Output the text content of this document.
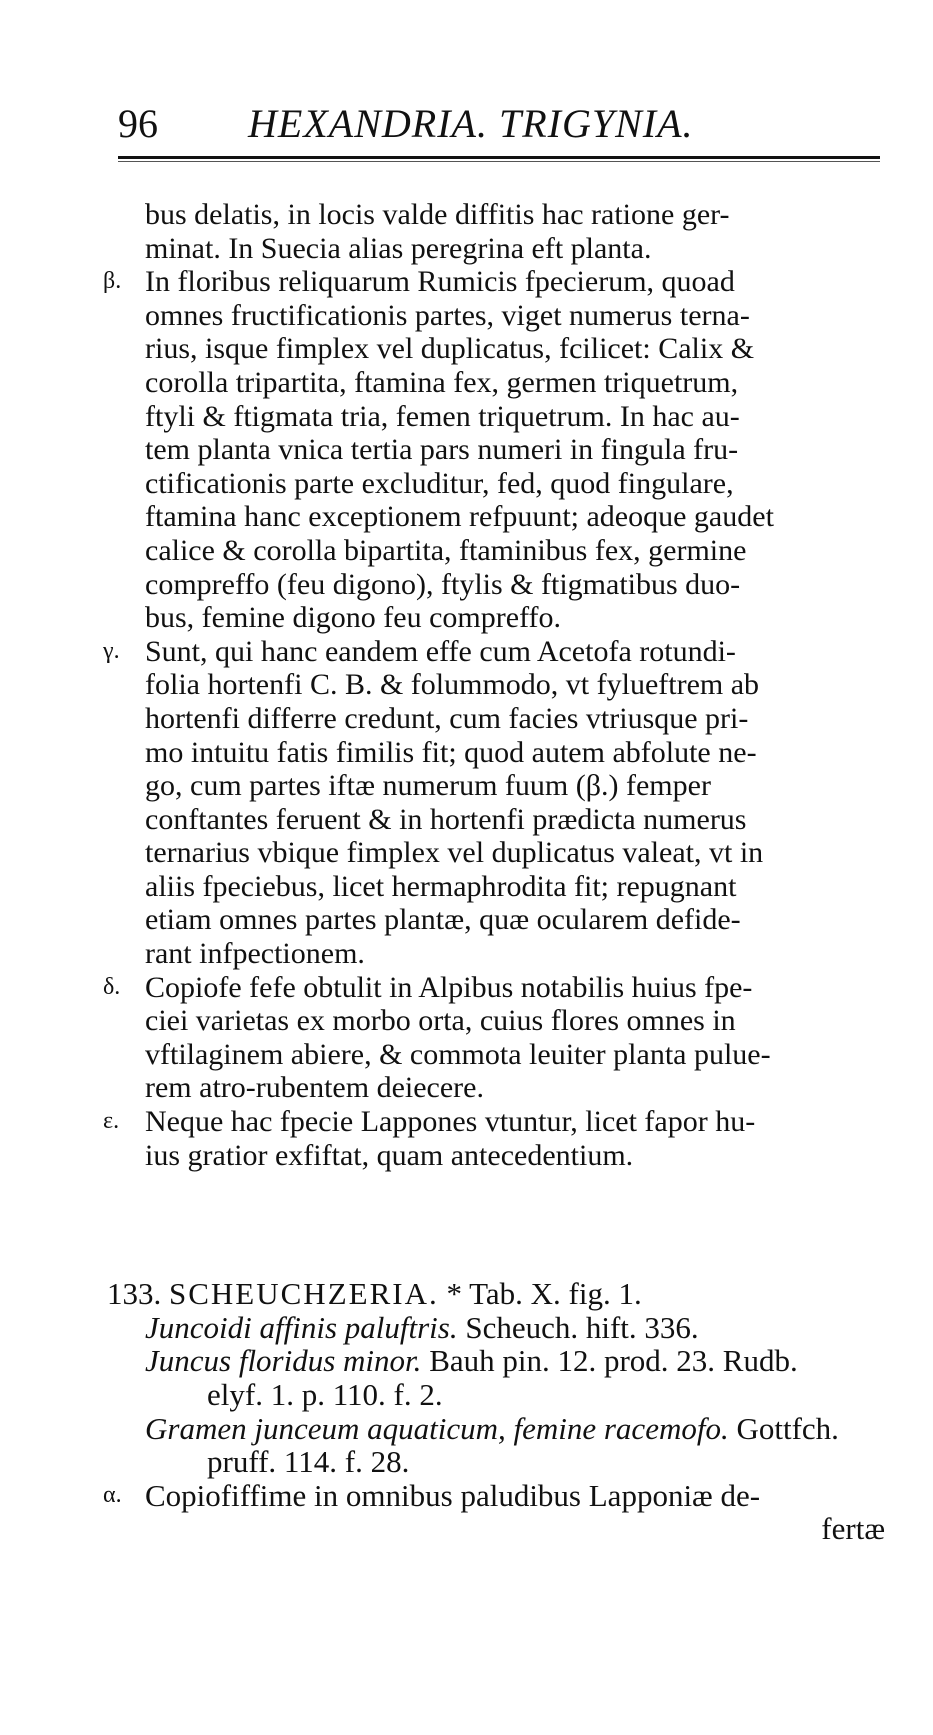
96 HEXANDRIA. TRIGYNIA.

bus delatis, in locis valde diffitis hac ratione ger-

minat. In Suecia alias peregrina eft planta.

β. In floribus reliquarum Rumicis fpecierum, quoad

omnes fructificationis partes, viget numerus terna-

rius, isque fimplex vel duplicatus, fcilicet: Calix &

corolla tripartita, ftamina fex, germen triquetrum,

ftyli & ftigmata tria, femen triquetrum. In hac au-

tem planta vnica tertia pars numeri in fingula fru-

ctificationis parte excluditur, fed, quod fingulare,

ftamina hanc exceptionem refpuunt; adeoque gaudet

calice & corolla bipartita, ftaminibus fex, germine

compreffo (feu digono), ftylis & ftigmatibus duo-

bus, femine digono feu compreffo.

γ. Sunt, qui hanc eandem effe cum Acetofa rotundi-

folia hortenfi C. B. & folummodo, vt fylueftrem ab

hortenfi differre credunt, cum facies vtriusque pri-

mo intuitu fatis fimilis fit; quod autem abfolute ne-

go, cum partes iftæ numerum fuum (β.) femper

conftantes feruent & in hortenfi prædicta numerus

ternarius vbique fimplex vel duplicatus valeat, vt in

aliis fpeciebus, licet hermaphrodita fit; repugnant

etiam omnes partes plantæ, quæ ocularem defide-

rant infpectionem.

δ. Copiofe fefe obtulit in Alpibus notabilis huius fpe-

ciei varietas ex morbo orta, cuius flores omnes in

vftilaginem abiere, & commota leuiter planta puluе-

rem atro-rubentem deiecere.

ε. Neque hac fpecie Lappones vtuntur, licet fapor hu-

ius gratior exfiftat, quam antecedentium.

133. SCHEUCHZERIA. * Tab. X. fig. 1.

Juncoidi affinis paluftris. Scheuch. hift. 336.

Juncus floridus minor. Bauh pin. 12. prod. 23. Rudb.

elyf. 1. p. 110. f. 2.

Gramen junceum aquaticum, femine racemofo. Gottfch.

pruff. 114. f. 28.

α. Copiofiffime in omnibus paludibus Lapponiæ de-

fertæ
